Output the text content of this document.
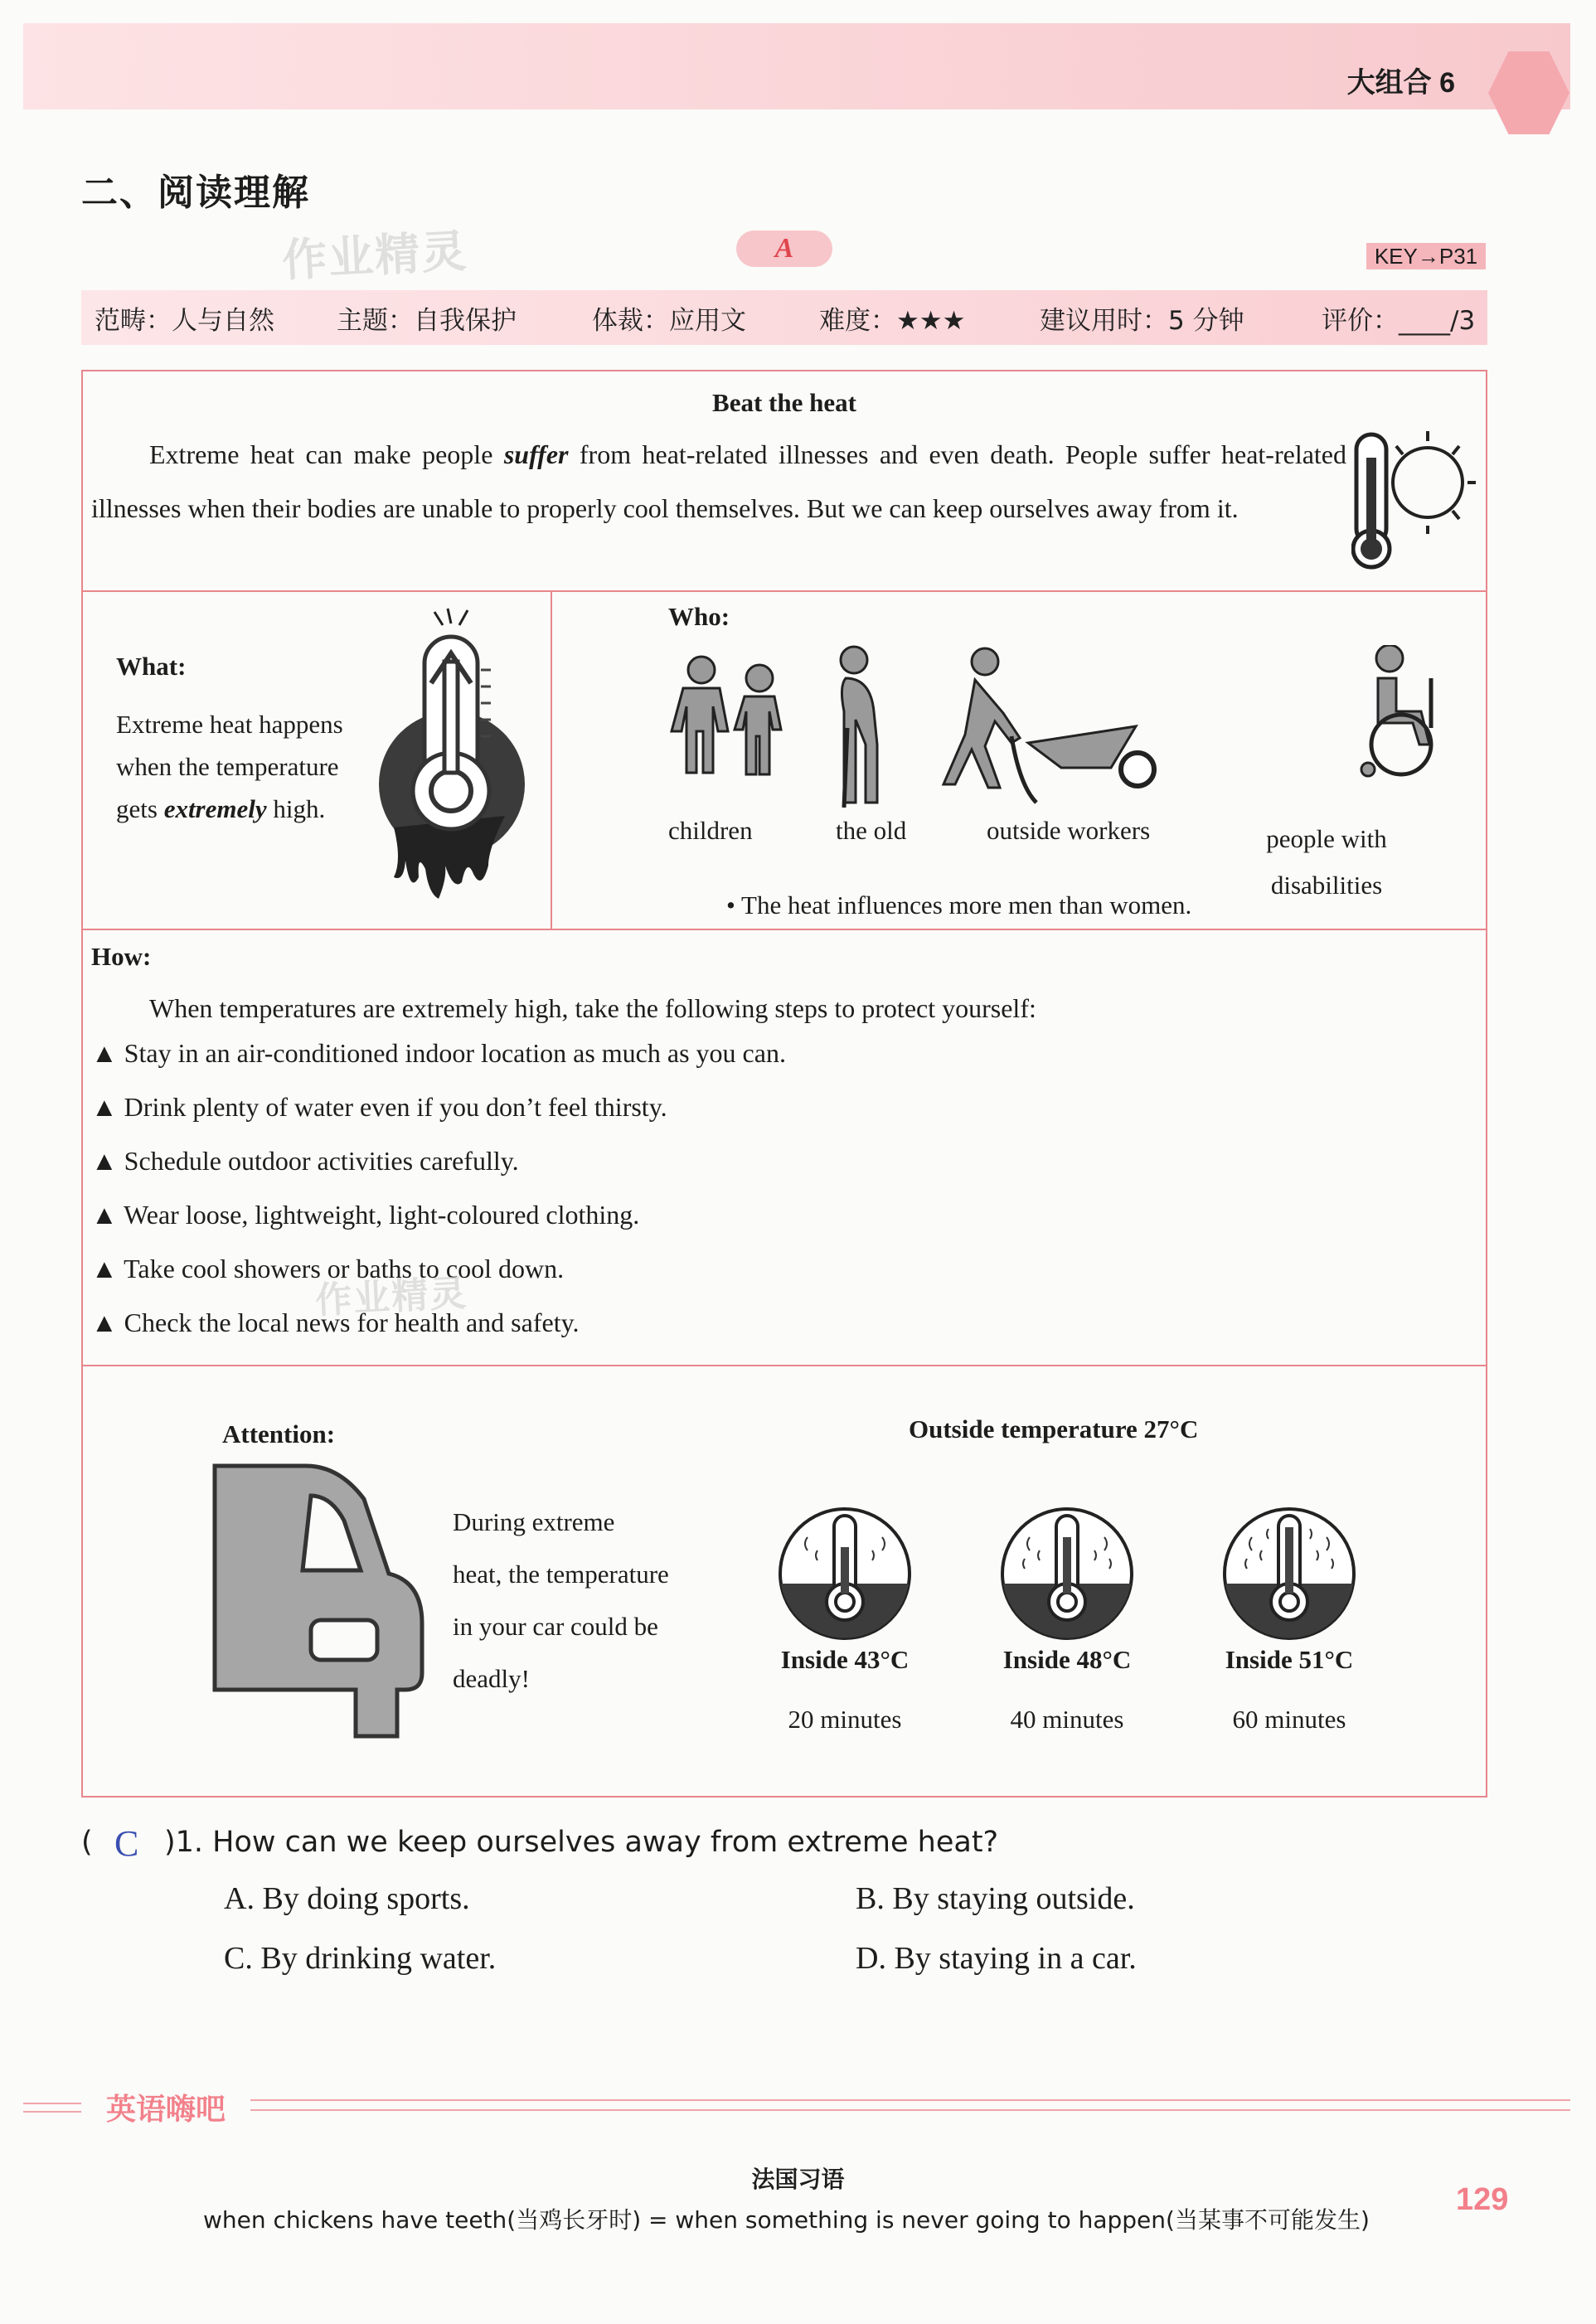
大组合 6
二、阅读理解
作业精灵	A	KEY→P31
范畴：人与自然 主题：自我保护	体裁：应用文	难度：★★★	建议用时：5 分钟	评价：____/3
Beat the heat
Extreme heat can make people suffer from heat-related illnesses and even death. People suffer heat-related illnesses when their bodies are unable to properly cool themselves. But we can keep ourselves away from it.
What:
Extreme heat happens when the temperature gets extremely high.
Who:
children	the old	outside workers	people with disabilities
• The heat influences more men than women.
How:
When temperatures are extremely high, take the following steps to protect yourself:
▲ Stay in an air-conditioned indoor location as much as you can.
▲ Drink plenty of water even if you don’t feel thirsty.
▲ Schedule outdoor activities carefully.
▲ Wear loose, lightweight, light-coloured clothing.
▲ Take cool showers or baths to cool down.
▲ Check the local news for health and safety.
作业精灵
Attention:
During extreme
heat, the temperature
in your car could be
deadly!
Outside temperature 27°C
Inside 43°C	Inside 48°C	Inside 51°C
20 minutes	40 minutes	60 minutes
( C )1. How can we keep ourselves away from extreme heat?
A. By doing sports.	B. By staying outside.
C. By drinking water.	D. By staying in a car.
英语嗨吧
法国习语
when chickens have teeth(当鸡长牙时) = when something is never going to happen(当某事不可能发生)
129
